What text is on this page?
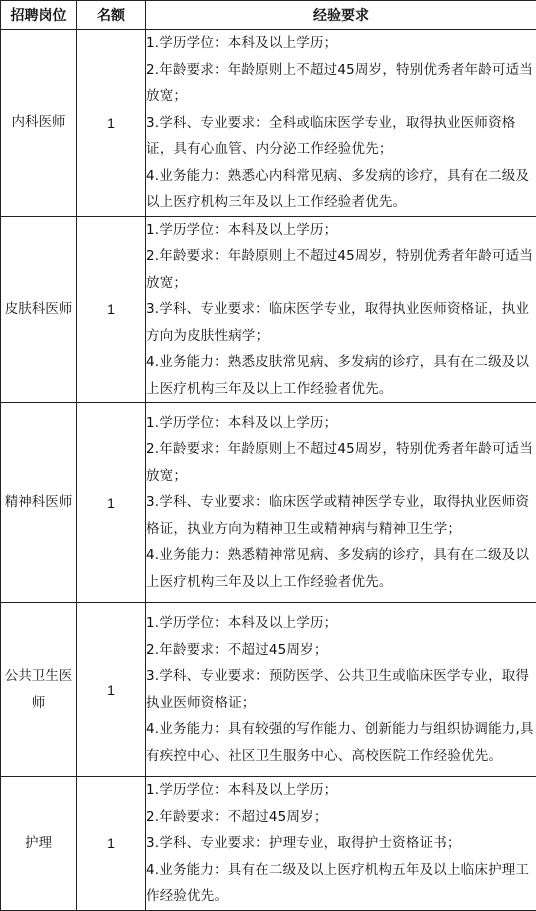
招聘岗位	名额	经验要求
内科医师	1	1.学历学位：本科及以上学历；
2.年龄要求：年龄原则上不超过45周岁，特别优秀者年龄可适当放宽；
3.学科、专业要求：全科或临床医学专业，取得执业医师资格证，具有心血管、内分泌工作经验优先；
4.业务能力：熟悉心内科常见病、多发病的诊疗，具有在二级及以上医疗机构三年及以上工作经验者优先。

皮肤科医师	1	1.学历学位：本科及以上学历；
2.年龄要求：年龄原则上不超过45周岁，特别优秀者年龄可适当放宽；
3.学科、专业要求：临床医学专业，取得执业医师资格证，执业方向为皮肤性病学；
4.业务能力：熟悉皮肤常见病、多发病的诊疗，具有在二级及以上医疗机构三年及以上工作经验者优先。

精神科医师	1	1.学历学位：本科及以上学历；
2.年龄要求：年龄原则上不超过45周岁，特别优秀者年龄可适当放宽；
3.学科、专业要求：临床医学或精神医学专业，取得执业医师资格证，执业方向为精神卫生或精神病与精神卫生学；
4.业务能力：熟悉精神常见病、多发病的诊疗，具有在二级及以上医疗机构三年及以上工作经验者优先。

公共卫生医师	1	1.学历学位：本科及以上学历；
2.年龄要求：不超过45周岁；
3.学科、专业要求：预防医学、公共卫生或临床医学专业，取得执业医师资格证；
4.业务能力：具有较强的写作能力、创新能力与组织协调能力,具有疾控中心、社区卫生服务中心、高校医院工作经验优先。

护理	1	1.学历学位：本科及以上学历；
2.年龄要求：不超过45周岁；
3.学科、专业要求：护理专业，取得护士资格证书；
4.业务能力：具有在二级及以上医疗机构五年及以上临床护理工作经验优先。
